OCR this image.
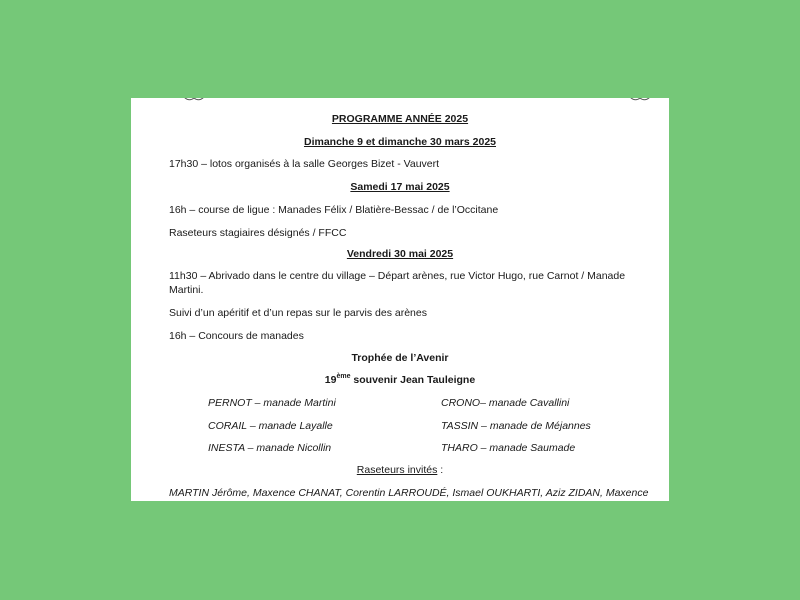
PROGRAMME ANNÉE 2025
Dimanche 9 et dimanche 30 mars 2025
17h30 – lotos organisés à la salle Georges Bizet - Vauvert
Samedi 17 mai 2025
16h – course de ligue : Manades Félix / Blatière-Bessac / de l’Occitane
Raseteurs stagiaires désignés / FFCC
Vendredi 30 mai 2025
11h30 – Abrivado dans le centre du village – Départ arènes, rue Victor Hugo, rue Carnot / Manade
Martini.
Suivi d’un apéritif et d’un repas sur le parvis des arènes
16h – Concours de manades
Trophée de l’Avenir
19ème souvenir Jean Tauleigne
PERNOT – manade Martini	CRONO– manade Cavallini
CORAIL – manade Layalle	TASSIN – manade de Méjannes
INESTA – manade Nicollin	THARO – manade Saumade
Raseteurs invités :
MARTIN Jérôme, Maxence CHANAT, Corentin LARROUDÉ, Ismael OUKHARTI, Aziz ZIDAN, Maxence
